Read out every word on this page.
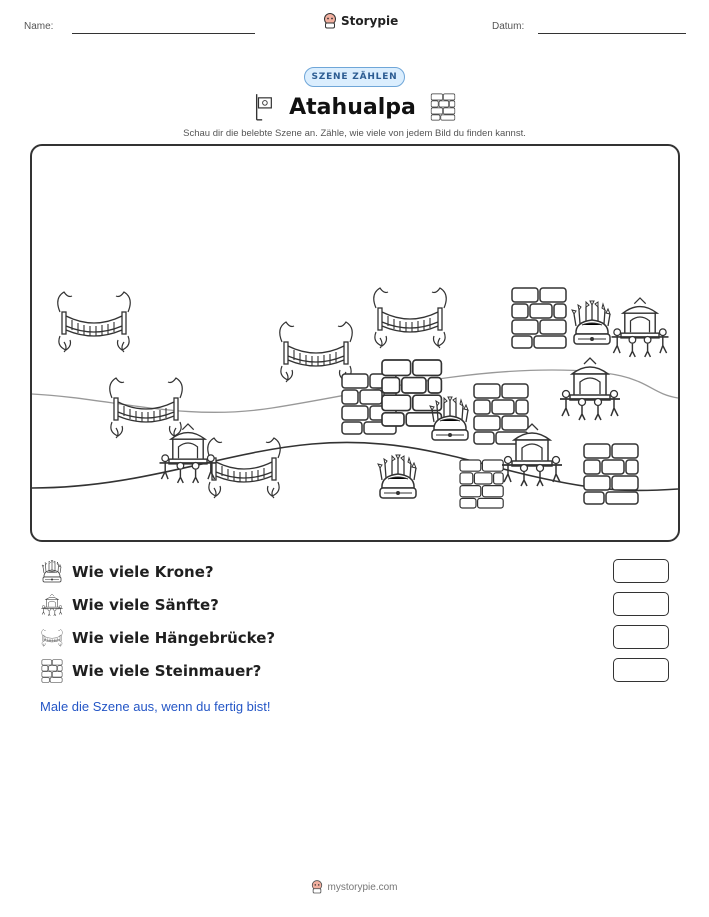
Name:	Storypie	Datum:
SZENE ZÄHLEN
Atahualpa
Schau dir die belebte Szene an. Zähle, wie viele von jedem Bild du finden kannst.
Wie viele Krone?
Wie viele Sänfte?
Wie viele Hängebrücke?
Wie viele Steinmauer?
Male die Szene aus, wenn du fertig bist!
mystorypie.com
